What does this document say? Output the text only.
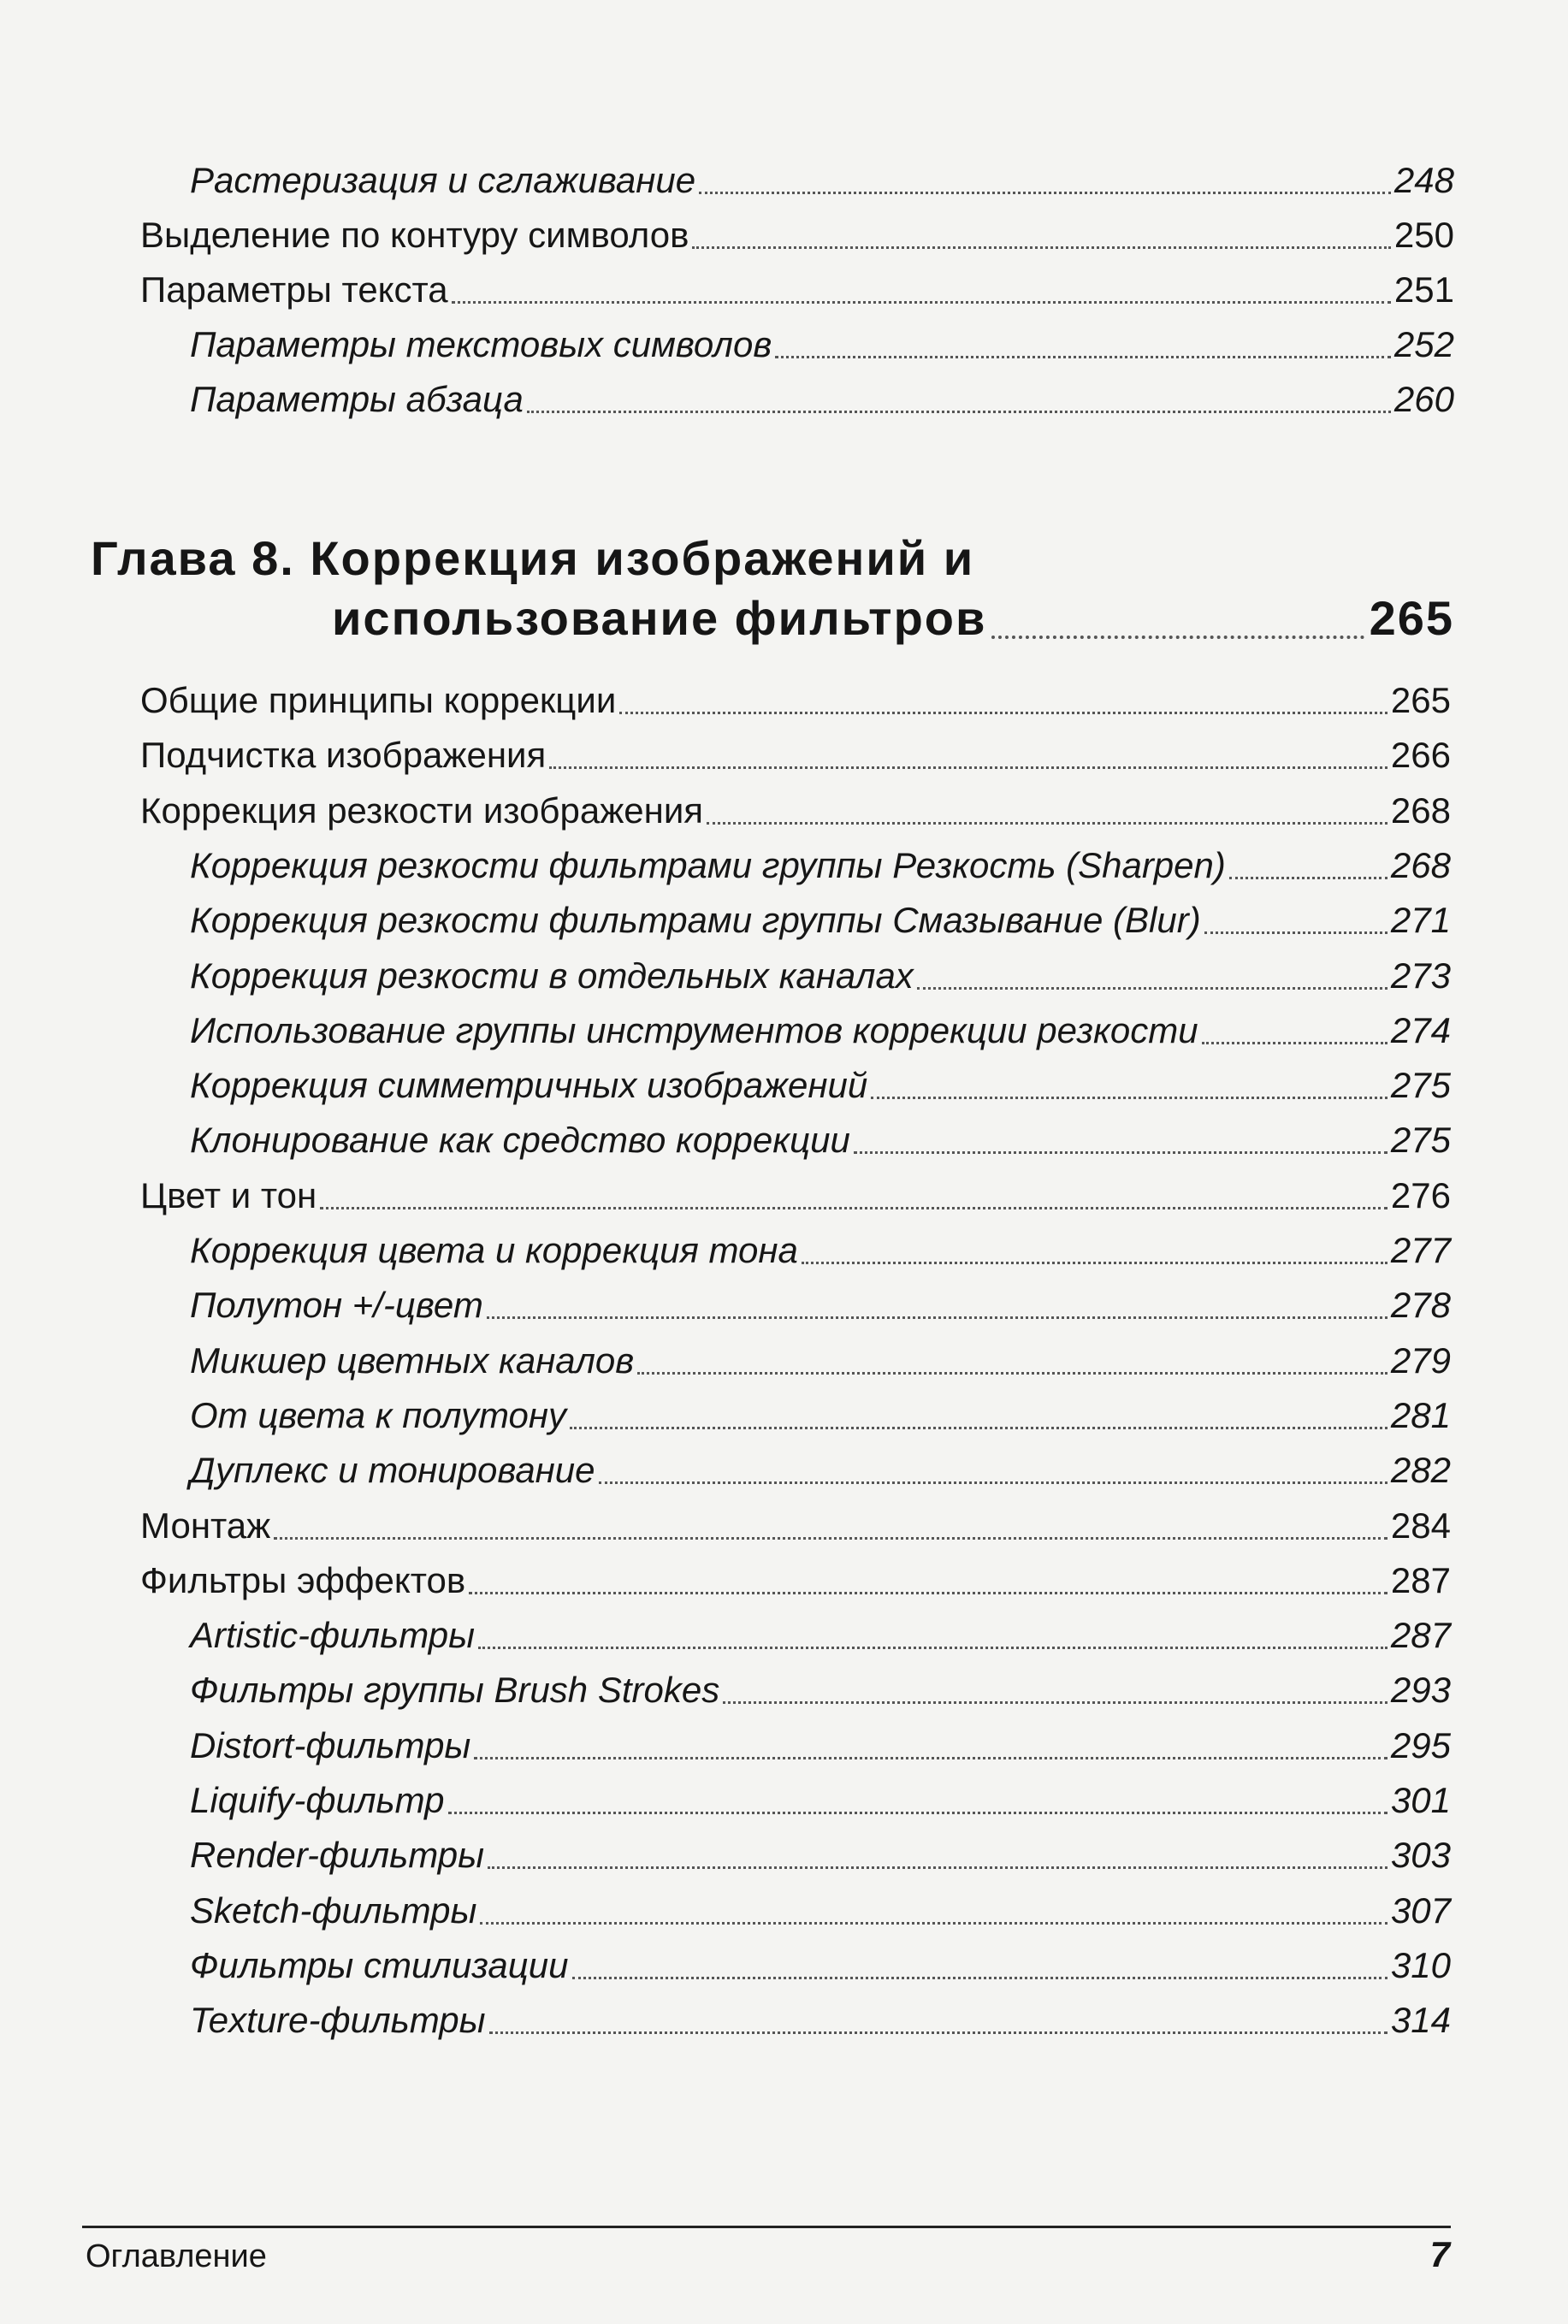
Растеризация и сглаживание	248
Выделение по контуру символов	250
Параметры текста	251
Параметры текстовых символов	252
Параметры абзаца	260
Глава 8. Коррекция изображений и
использование фильтров	265
Общие принципы коррекции	265
Подчистка изображения	266
Коррекция резкости изображения	268
Коррекция резкости фильтрами группы Резкость (Sharpen)	268
Коррекция резкости фильтрами группы Смазывание (Blur)	271
Коррекция резкости в отдельных каналах	273
Использование группы инструментов коррекции резкости	274
Коррекция симметричных изображений	275
Клонирование как средство коррекции	275
Цвет и тон	276
Коррекция цвета и коррекция тона	277
Полутон +/-цвет	278
Микшер цветных каналов	279
От цвета к полутону	281
Дуплекс и тонирование	282
Монтаж	284
Фильтры эффектов	287
Artistic-фильтры	287
Фильтры группы Brush Strokes	293
Distort-фильтры	295
Liquify-фильтр	301
Render-фильтры	303
Sketch-фильтры	307
Фильтры стилизации	310
Texture-фильтры	314
Оглавление	7
